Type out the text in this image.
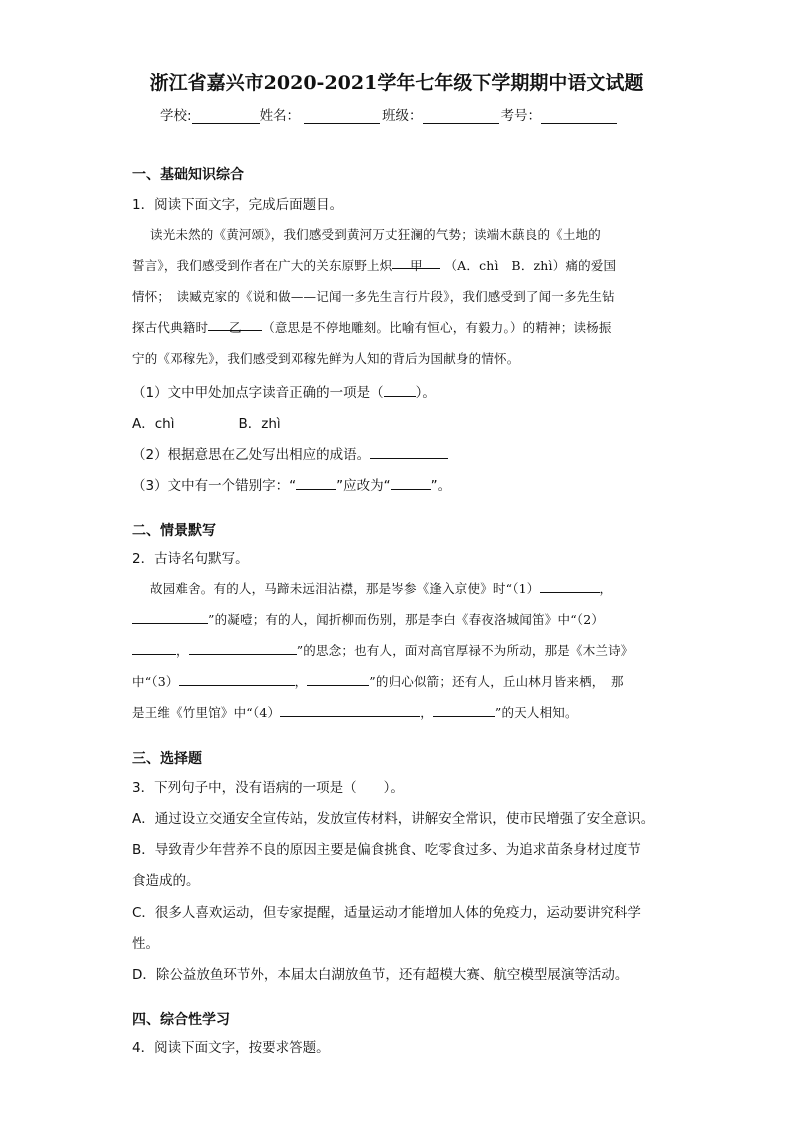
浙江省嘉兴市2020-2021学年七年级下学期期中语文试题
学校:	姓名：	班级：	考号：
一、基础知识综合
1．阅读下面文字，完成后面题目。
读光未然的《黄河颂》，我们感受到黄河万丈狂澜的气势；读端木蕻良的《土地的
誓言》，我们感受到作者在广大的关东原野上炽 甲 （A．chì　B．zhì）痛的爱国
情怀；　读臧克家的《说和做——记闻一多先生言行片段》，我们感受到了闻一多先生钻
探古代典籍时 乙 （意思是不停地雕刻。比喻有恒心，有毅力。）的精神；读杨振
宁的《邓稼先》，我们感受到邓稼先鲜为人知的背后为国献身的情怀。
（1）文中甲处加点字读音正确的一项是（ ）。
A．chì	B．zhì
（2）根据意思在乙处写出相应的成语。
（3）文中有一个错别字：“	”应改为“	”。
二、情景默写
2．古诗名句默写。
故园难舍。有的人，马蹄未远泪沾襟，那是岑参《逢入京使》时“（1）	，
”的凝噎；有的人，闻折柳而伤别，那是李白《春夜洛城闻笛》中“（2）
，	”的思念；也有人，面对高官厚禄不为所动，那是《木兰诗》
中“（3）	，	”的归心似箭；还有人，丘山林月皆来栖，　那
是王维《竹里馆》中“（4）	，	”的天人相知。
三、选择题
3．下列句子中，没有语病的一项是（　　）。
A．通过设立交通安全宣传站，发放宣传材料，讲解安全常识，使市民增强了安全意识。
B．导致青少年营养不良的原因主要是偏食挑食、吃零食过多、为追求苗条身材过度节
食造成的。
C．很多人喜欢运动，但专家提醒，适量运动才能增加人体的免疫力，运动要讲究科学
性。
D．除公益放鱼环节外，本届太白湖放鱼节，还有超模大赛、航空模型展演等活动。
四、综合性学习
4．阅读下面文字，按要求答题。
